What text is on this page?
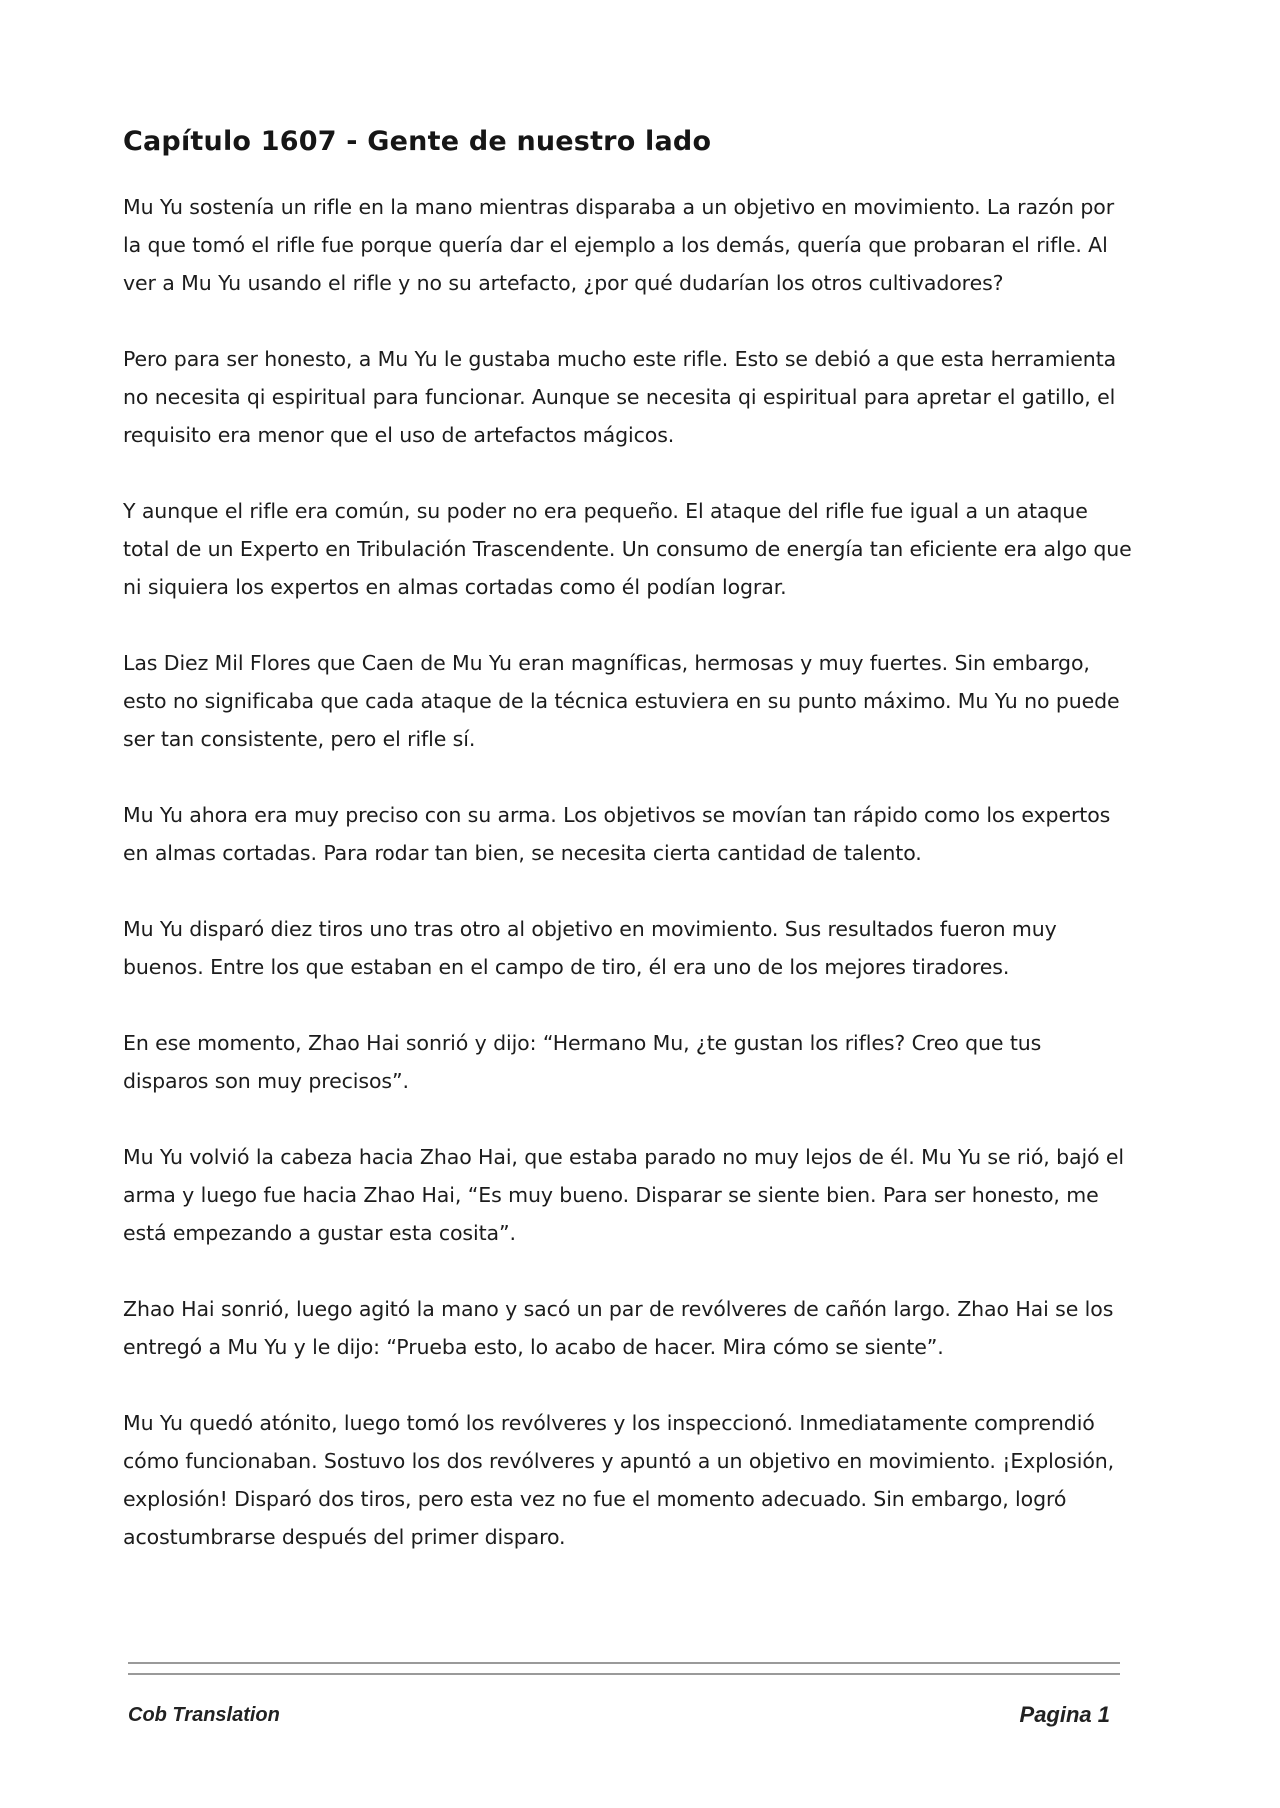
Capítulo 1607 - Gente de nuestro lado

Mu Yu sostenía un rifle en la mano mientras disparaba a un objetivo en movimiento. La razón por la que tomó el rifle fue porque quería dar el ejemplo a los demás, quería que probaran el rifle. Al ver a Mu Yu usando el rifle y no su artefacto, ¿por qué dudarían los otros cultivadores?

Pero para ser honesto, a Mu Yu le gustaba mucho este rifle. Esto se debió a que esta herramienta no necesita qi espiritual para funcionar. Aunque se necesita qi espiritual para apretar el gatillo, el requisito era menor que el uso de artefactos mágicos.

Y aunque el rifle era común, su poder no era pequeño. El ataque del rifle fue igual a un ataque total de un Experto en Tribulación Trascendente. Un consumo de energía tan eficiente era algo que ni siquiera los expertos en almas cortadas como él podían lograr.

Las Diez Mil Flores que Caen de Mu Yu eran magníficas, hermosas y muy fuertes. Sin embargo, esto no significaba que cada ataque de la técnica estuviera en su punto máximo. Mu Yu no puede ser tan consistente, pero el rifle sí.

Mu Yu ahora era muy preciso con su arma. Los objetivos se movían tan rápido como los expertos en almas cortadas. Para rodar tan bien, se necesita cierta cantidad de talento.

Mu Yu disparó diez tiros uno tras otro al objetivo en movimiento. Sus resultados fueron muy buenos. Entre los que estaban en el campo de tiro, él era uno de los mejores tiradores.

En ese momento, Zhao Hai sonrió y dijo: “Hermano Mu, ¿te gustan los rifles? Creo que tus disparos son muy precisos”.

Mu Yu volvió la cabeza hacia Zhao Hai, que estaba parado no muy lejos de él. Mu Yu se rió, bajó el arma y luego fue hacia Zhao Hai, “Es muy bueno. Disparar se siente bien. Para ser honesto, me está empezando a gustar esta cosita”.

Zhao Hai sonrió, luego agitó la mano y sacó un par de revólveres de cañón largo. Zhao Hai se los entregó a Mu Yu y le dijo: “Prueba esto, lo acabo de hacer. Mira cómo se siente”.

Mu Yu quedó atónito, luego tomó los revólveres y los inspeccionó. Inmediatamente comprendió cómo funcionaban. Sostuvo los dos revólveres y apuntó a un objetivo en movimiento. ¡Explosión, explosión! Disparó dos tiros, pero esta vez no fue el momento adecuado. Sin embargo, logró acostumbrarse después del primer disparo.

Cob Translation	Pagina 1
